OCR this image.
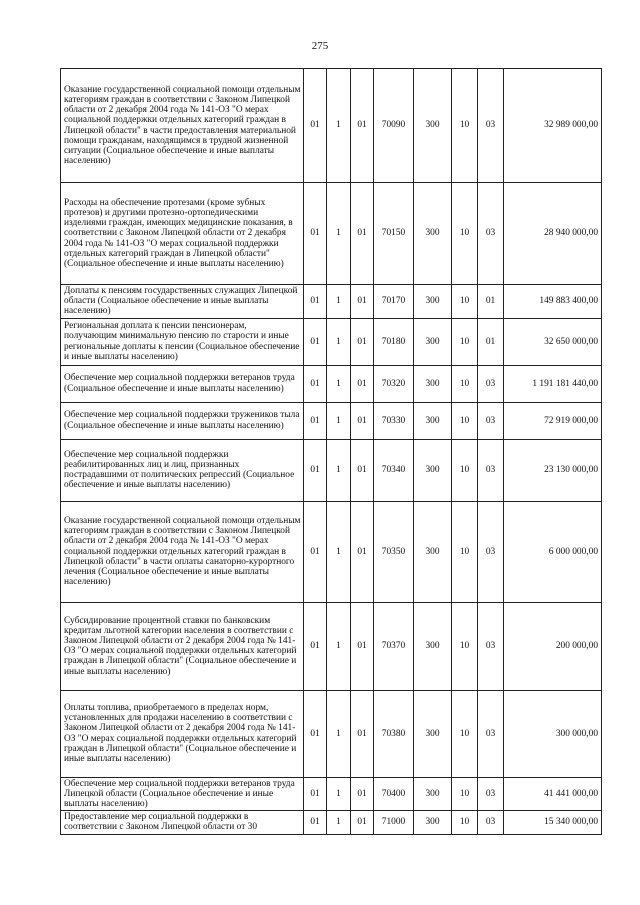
275
Оказание государственной социальной помощи отдельным категориям граждан в соответствии с Законом Липецкой области от 2 декабря 2004 года № 141-ОЗ "О мерах социальной поддержки отдельных категорий граждан в Липецкой области" в части предоставления материальной помощи гражданам, находящимся в трудной жизненной ситуации (Социальное обеспечение и иные выплаты населению)	01	1	01	70090	300	10	03	32 989 000,00
Расходы на обеспечение протезами (кроме зубных протезов) и другими протезно-ортопедическими изделиями граждан, имеющих медицинские показания, в соответствии с Законом Липецкой области от 2 декабря 2004 года № 141-ОЗ "О мерах социальной поддержки отдельных категорий граждан в Липецкой области" (Социальное обеспечение и иные выплаты населению)	01	1	01	70150	300	10	03	28 940 000,00
Доплаты к пенсиям государственных служащих Липецкой области (Социальное обеспечение и иные выплаты населению)	01	1	01	70170	300	10	01	149 883 400,00
Региональная доплата к пенсии пенсионерам, получающим минимальную пенсию по старости и иные региональные доплаты к пенсии (Социальное обеспечение и иные выплаты населению)	01	1	01	70180	300	10	01	32 650 000,00
Обеспечение мер социальной поддержки ветеранов труда (Социальное обеспечение и иные выплаты населению)	01	1	01	70320	300	10	03	1 191 181 440,00
Обеспечение мер социальной поддержки тружеников тыла (Социальное обеспечение и иные выплаты населению)	01	1	01	70330	300	10	03	72 919 000,00
Обеспечение мер социальной поддержки реабилитированных лиц и лиц, признанных пострадавшими от политических репрессий (Социальное обеспечение и иные выплаты населению)	01	1	01	70340	300	10	03	23 130 000,00
Оказание государственной социальной помощи отдельным категориям граждан в соответствии с Законом Липецкой области от 2 декабря 2004 года № 141-ОЗ "О мерах социальной поддержки отдельных категорий граждан в Липецкой области" в части оплаты санаторно-курортного лечения (Социальное обеспечение и иные выплаты населению)	01	1	01	70350	300	10	03	6 000 000,00
Субсидирование процентной ставки по банковским кредитам льготной категории населения в соответствии с Законом Липецкой области от 2 декабря 2004 года № 141-ОЗ "О мерах социальной поддержки отдельных категорий граждан в Липецкой области" (Социальное обеспечение и иные выплаты населению)	01	1	01	70370	300	10	03	200 000,00
Оплаты топлива, приобретаемого в пределах норм, установленных для продажи населению в соответствии с Законом Липецкой области от 2 декабря 2004 года № 141-ОЗ "О мерах социальной поддержки отдельных категорий граждан в Липецкой области" (Социальное обеспечение и иные выплаты населению)	01	1	01	70380	300	10	03	300 000,00
Обеспечение мер социальной поддержки ветеранов труда Липецкой области (Социальное обеспечение и иные выплаты населению)	01	1	01	70400	300	10	03	41 441 000,00
Предоставление мер социальной поддержки в соответствии с Законом Липецкой области от 30	01	1	01	71000	300	10	03	15 340 000,00
